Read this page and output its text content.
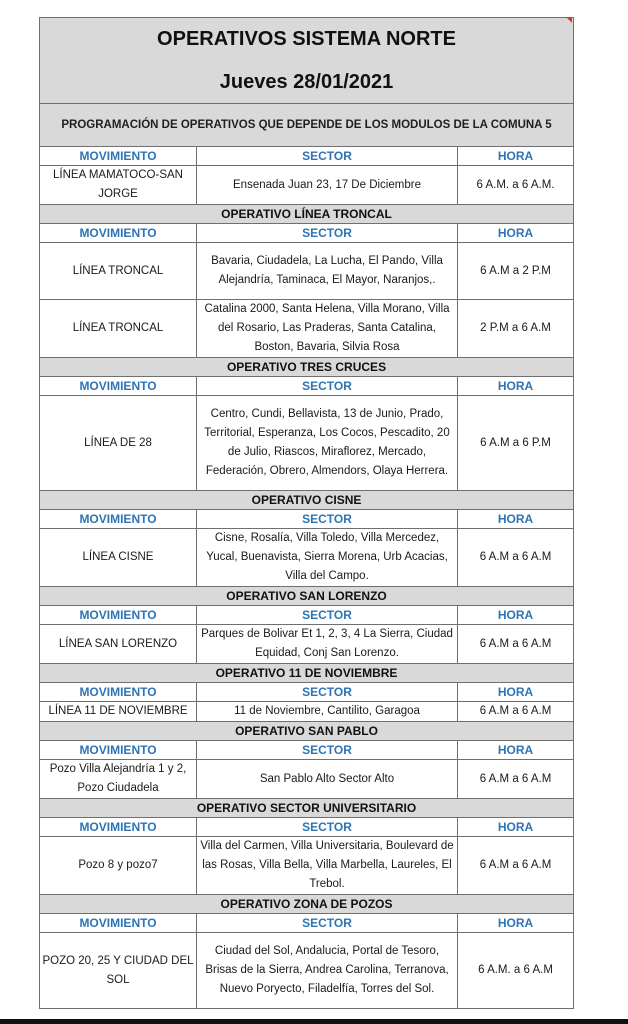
OPERATIVOS SISTEMA NORTE		
Jueves 28/01/2021		
PROGRAMACIÓN DE OPERATIVOS QUE DEPENDE DE LOS MODULOS DE LA COMUNA 5		
MOVIMIENTO	SECTOR	HORA
LÍNEA MAMATOCO-SAN JORGE	Ensenada Juan 23, 17 De Diciembre	6 A.M. a 6 A.M.
OPERATIVO LÍNEA TRONCAL		
MOVIMIENTO	SECTOR	HORA
LÍNEA TRONCAL	Bavaria, Ciudadela, La Lucha, El Pando, Villa Alejandría, Taminaca, El Mayor, Naranjos,.	6 A.M a 2 P.M
LÍNEA TRONCAL	Catalina 2000, Santa Helena, Villa Morano, Villa del Rosario, Las Praderas, Santa Catalina, Boston, Bavaria, Silvia Rosa	2 P.M a 6 A.M
OPERATIVO TRES CRUCES		
MOVIMIENTO	SECTOR	HORA
LÍNEA DE 28	Centro, Cundi, Bellavista, 13 de Junio, Prado, Territorial, Esperanza, Los Cocos, Pescadito, 20 de Julio, Riascos, Miraflorez, Mercado, Federación, Obrero, Almendors, Olaya Herrera.	6 A.M a 6 P.M
OPERATIVO CISNE		
MOVIMIENTO	SECTOR	HORA
LÍNEA CISNE	Cisne, Rosalía, Villa Toledo, Villa Mercedez, Yucal, Buenavista, Sierra Morena, Urb Acacias, Villa del Campo.	6 A.M a 6 A.M
OPERATIVO SAN LORENZO		
MOVIMIENTO	SECTOR	HORA
LÍNEA SAN LORENZO	Parques de Bolivar Et 1, 2, 3, 4 La Sierra, Ciudad Equidad, Conj San Lorenzo.	6 A.M a 6 A.M
OPERATIVO 11 DE NOVIEMBRE		
MOVIMIENTO	SECTOR	HORA
LÍNEA 11 DE NOVIEMBRE	11 de Noviembre, Cantilito, Garagoa	6 A.M a 6 A.M
OPERATIVO SAN PABLO		
MOVIMIENTO	SECTOR	HORA
Pozo Villa Alejandría 1 y 2, Pozo Ciudadela	San Pablo Alto Sector Alto	6 A.M a 6 A.M
OPERATIVO SECTOR UNIVERSITARIO		
MOVIMIENTO	SECTOR	HORA
Pozo 8 y pozo7	Villa del Carmen, Villa Universitaria, Boulevard de las Rosas, Villa Bella, Villa Marbella, Laureles, El Trebol.	6 A.M a 6 A.M
OPERATIVO ZONA DE POZOS		
MOVIMIENTO	SECTOR	HORA
POZO 20, 25 Y CIUDAD DEL SOL	Ciudad del Sol, Andalucia, Portal de Tesoro, Brisas de la Sierra, Andrea Carolina, Terranova, Nuevo Poryecto, Filadelfía, Torres del Sol.	6 A.M. a 6 A.M
